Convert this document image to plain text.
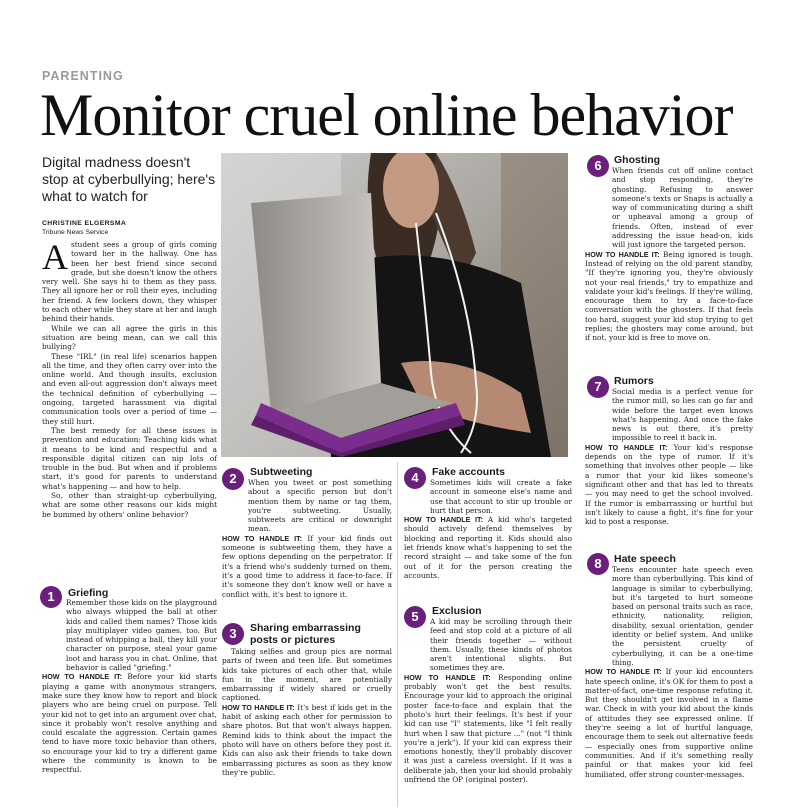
PARENTING
Monitor cruel online behavior
Digital madness doesn't stop at cyberbullying; here's what to watch for
CHRISTINE ELGERSMA
Tribune News Service
A student sees a group of girls coming toward her in the hallway. One has been her best friend since second grade, but she doesn't know the others very well. She says hi to them as they pass. They all ignore her or roll their eyes, including her friend. A few lockers down, they whisper to each other while they stare at her and laugh behind their hands.

While we can all agree the girls in this situation are being mean, can we call this bullying?

These "IRL" (in real life) scenarios happen all the time, and they often carry over into the online world. And though insults, exclusion and even all-out aggression don't always meet the technical definition of cyberbullying — ongoing, targeted harassment via digital communication tools over a period of time — they still hurt.

The best remedy for all these issues is prevention and education: Teaching kids what it means to be kind and respectful and a responsible digital citizen can nip lots of trouble in the bud. But when and if problems start, it's good for parents to understand what's happening — and how to help.

So, other than straight-up cyberbullying, what are some other reasons our kids might be bummed by others' online behavior?

1	Griefing

Remember those kids on the playground who always whipped the ball at other kids and called them names? Those kids play multiplayer video games, too. But instead of whipping a ball, they kill your character on purpose, steal your game loot and harass you in chat. Online, that behavior is called "griefing."

HOW TO HANDLE IT: Before your kid starts playing a game with anonymous strangers, make sure they know how to report and block players who are being cruel on purpose. Tell your kid not to get into an argument over chat, since it probably won't resolve anything and could escalate the aggression. Certain games tend to have more toxic behavior than others, so encourage your kid to try a different game where the community is known to be respectful.

2	Subtweeting

When you tweet or post something about a specific person but don't mention them by name or tag them, you're subtweeting. Usually, subtweets are critical or downright mean.

HOW TO HANDLE IT: If your kid finds out someone is subtweeting them, they have a few options depending on the perpetrator. If it's a friend who's suddenly turned on them, it's a good time to address it face-to-face. If it's someone they don't know well or have a conflict with, it's best to ignore it.

3	Sharing embarrassing posts or pictures

Taking selfies and group pics are normal parts of tween and teen life. But sometimes kids take pictures of each other that, while fun in the moment, are potentially embarrassing if widely shared or cruelly captioned.

HOW TO HANDLE IT: It's best if kids get in the habit of asking each other for permission to share photos. But that won't always happen. Remind kids to think about the impact the photo will have on others before they post it. Kids can also ask their friends to take down embarrassing pictures as soon as they know they're public.

4	Fake accounts

Sometimes kids will create a fake account in someone else's name and use that account to stir up trouble or hurt that person.

HOW TO HANDLE IT: A kid who's targeted should actively defend themselves by blocking and reporting it. Kids should also let friends know what's happening to set the record straight — and take some of the fun out of it for the person creating the accounts.

5	Exclusion

A kid may be scrolling through their feed and stop cold at a picture of all their friends together — without them. Usually, these kinds of photos aren't intentional slights. But sometimes they are.

HOW TO HANDLE IT: Responding online probably won't get the best results. Encourage your kid to approach the original poster face-to-face and explain that the photo's hurt their feelings. It's best if your kid can use "I" statements, like "I felt really hurt when I saw that picture ..." (not "I think you're a jerk"). If your kid can express their emotions honestly, they'll probably discover it was just a careless oversight. If it was a deliberate jab, then your kid should probably unfriend the OP (original poster).

6	Ghosting

When friends cut off online contact and stop responding, they're ghosting. Refusing to answer someone's texts or Snaps is actually a way of communicating during a shift or upheaval among a group of friends. Often, instead of ever addressing the issue head-on, kids will just ignore the targeted person.

HOW TO HANDLE IT: Being ignored is tough. Instead of relying on the old parent standby, "If they're ignoring you, they're obviously not your real friends," try to empathize and validate your kid's feelings. If they're willing, encourage them to try a face-to-face conversation with the ghosters. If that feels too hard, suggest your kid stop trying to get replies; the ghosters may come around, but if not, your kid is free to move on.

7	Rumors

Social media is a perfect venue for the rumor mill, so lies can go far and wide before the target even knows what's happening. And once the fake news is out there, it's pretty impossible to reel it back in.

HOW TO HANDLE IT: Your kid's response depends on the type of rumor. If it's something that involves other people — like a rumor that your kid likes someone's significant other and that has led to threats — you may need to get the school involved. If the rumor is embarrassing or hurtful but isn't likely to cause a fight, it's fine for your kid to post a response.

8	Hate speech

Teens encounter hate speech even more than cyberbullying. This kind of language is similar to cyberbullying, but it's targeted to hurt someone based on personal traits such as race, ethnicity, nationality, religion, disability, sexual orientation, gender identity or belief system. And unlike the persistent cruelty of cyberbullying, it can be a one-time thing.

HOW TO HANDLE IT: If your kid encounters hate speech online, it's OK for them to post a matter-of-fact, one-time response refuting it. But they shouldn't get involved in a flame war. Check in with your kid about the kinds of attitudes they see expressed online. If they're seeing a lot of hurtful language, encourage them to seek out alternative feeds — especially ones from supportive online communities. And if it's something really painful or that makes your kid feel humiliated, offer strong counter-messages.
